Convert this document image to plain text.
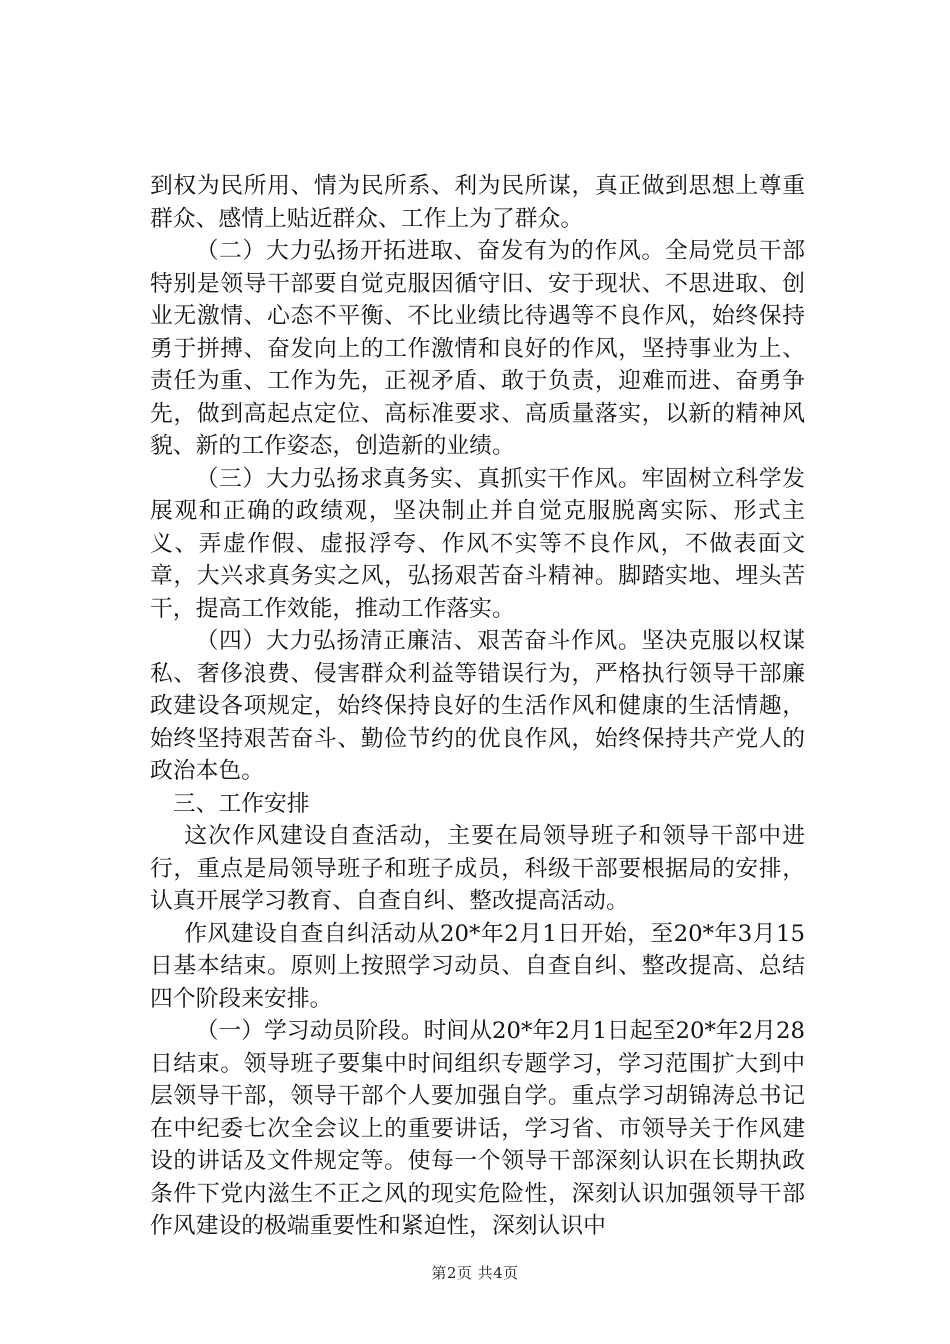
到权为民所用、情为民所系、利为民所谋，真正做到思想上尊重群众、感情上贴近群众、工作上为了群众。

（二）大力弘扬开拓进取、奋发有为的作风。全局党员干部特别是领导干部要自觉克服因循守旧、安于现状、不思进取、创业无激情、心态不平衡、不比业绩比待遇等不良作风，始终保持勇于拼搏、奋发向上的工作激情和良好的作风，坚持事业为上、责任为重、工作为先，正视矛盾、敢于负责，迎难而进、奋勇争先，做到高起点定位、高标准要求、高质量落实，以新的精神风貌、新的工作姿态，创造新的业绩。

（三）大力弘扬求真务实、真抓实干作风。牢固树立科学发展观和正确的政绩观，坚决制止并自觉克服脱离实际、形式主义、弄虚作假、虚报浮夸、作风不实等不良作风，不做表面文章，大兴求真务实之风，弘扬艰苦奋斗精神。脚踏实地、埋头苦干，提高工作效能，推动工作落实。

（四）大力弘扬清正廉洁、艰苦奋斗作风。坚决克服以权谋私、奢侈浪费、侵害群众利益等错误行为，严格执行领导干部廉政建设各项规定，始终保持良好的生活作风和健康的生活情趣，始终坚持艰苦奋斗、勤俭节约的优良作风，始终保持共产党人的政治本色。

三、工作安排

这次作风建设自查活动，主要在局领导班子和领导干部中进行，重点是局领导班子和班子成员，科级干部要根据局的安排，认真开展学习教育、自查自纠、整改提高活动。

作风建设自查自纠活动从20*年2月1日开始，至20*年3月15日基本结束。原则上按照学习动员、自查自纠、整改提高、总结四个阶段来安排。

（一）学习动员阶段。时间从20*年2月1日起至20*年2月28日结束。领导班子要集中时间组织专题学习，学习范围扩大到中层领导干部，领导干部个人要加强自学。重点学习胡锦涛总书记在中纪委七次全会议上的重要讲话，学习省、市领导关于作风建设的讲话及文件规定等。使每一个领导干部深刻认识在长期执政条件下党内滋生不正之风的现实危险性，深刻认识加强领导干部作风建设的极端重要性和紧迫性，深刻认识中

第2页 共4页
